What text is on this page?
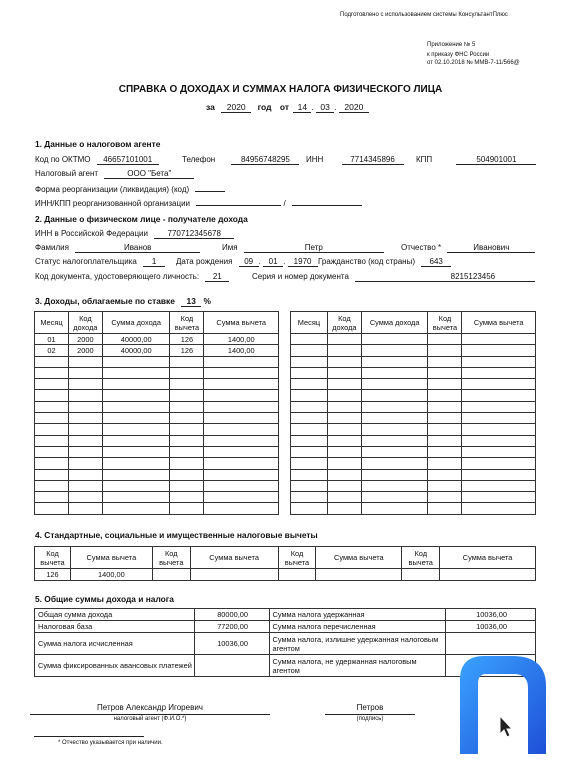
Подготовлено с использованием системы КонсультантПлюс
Приложение № 5
к приказу ФНС России
от 02.10.2018 № ММВ-7-11/566@
СПРАВКА О ДОХОДАХ И СУММАХ НАЛОГА ФИЗИЧЕСКОГО ЛИЦА
за 2020 год от 14 . 03 . 2020
1. Данные о налоговом агенте
Код по ОКТМО 46657101001	Телефон	84956748295	ИНН	7714345896	КПП	504901001
Налоговый агент	ООО "Бета"
Форма реорганизации (ликвидация) (код)
ИНН/КПП реорганизованной организации	/
2. Данные о физическом лице - получателе дохода
ИНН в Российской Федерации 770712345678
Фамилия	Иванов	Имя	Петр	Отчество *	Иванович
Статус налогоплательщика 1	Дата рождения 09 . 01 . 1970 Гражданство (код страны) 643
Код документа, удостоверяющего личность: 21	Серия и номер документа	8215123456
3. Доходы, облагаемые по ставке 13 %
Месяц	Код дохода	Сумма дохода	Код вычета	Сумма вычета
01	2000	40000,00	126	1400,00
02	2000	40000,00	126	1400,00

Месяц	Код дохода	Сумма дохода	Код вычета	Сумма вычета

4. Стандартные, социальные и имущественные налоговые вычеты
Код вычета	Сумма вычета	Код вычета	Сумма вычета	Код вычета	Сумма вычета	Код вычета	Сумма вычета
126	1400,00						
5. Общие суммы дохода и налога
Общая сумма дохода	80000,00	Сумма налога удержанная	10036,00
Налоговая база	77200,00	Сумма налога перечисленная	10036,00
Сумма налога исчисленная	10036,00	Сумма налога, излишне удержанная налоговым агентом	
Сумма фиксированных авансовых платежей		Сумма налога, не удержанная налоговым агентом	
Петров Александр Игоревич
налоговый агент (Ф.И.О.*)
Петров
(подпись)
* Отчество указывается при наличии.
